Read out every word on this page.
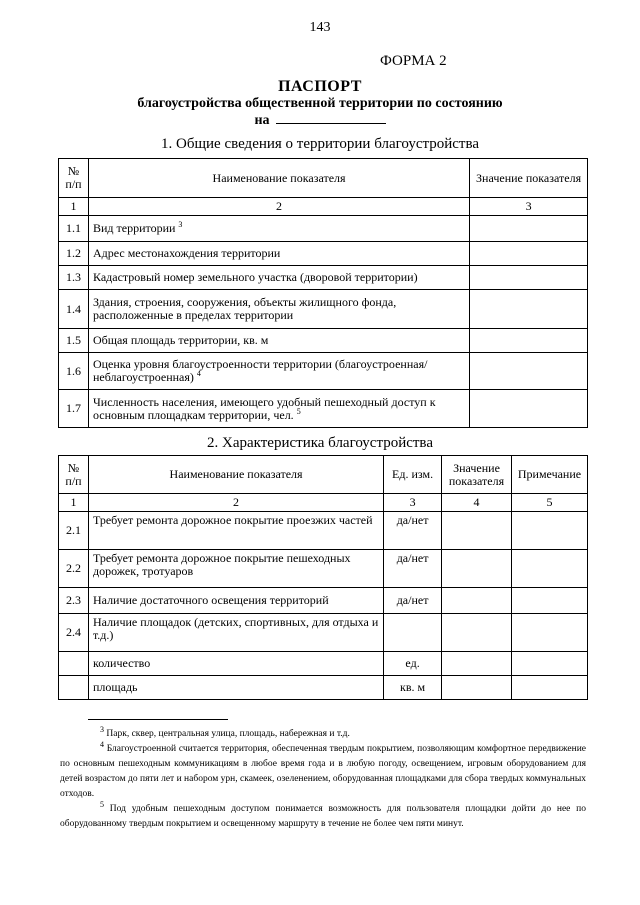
143
ФОРМА 2
ПАСПОРТ
благоустройства общественной территории по состоянию
на
1. Общие сведения о территории благоустройства
№ п/п	Наименование показателя	Значение показателя
1	2	3
1.1	Вид территории $^3$	
1.2	Адрес местонахождения территории	
1.3	Кадастровый номер земельного участка (дворовой территории)	
1.4	Здания, строения, сооружения, объекты жилищного фонда, расположенные в пределах территории	
1.5	Общая площадь территории, кв. м	
1.6	Оценка уровня благоустроенности территории (благоустроенная/неблагоустроенная) $^4$	
1.7	Численность населения, имеющего удобный пешеходный доступ к основным площадкам территории, чел. $^5$	
2. Характеристика благоустройства
№ п/п	Наименование показателя	Ед. изм.	Значение показателя	Примечание
1	2	3	4	5
2.1	Требует ремонта дорожное покрытие проезжих частей	да/нет		
2.2	Требует ремонта дорожное покрытие пешеходных дорожек, тротуаров	да/нет		
2.3	Наличие достаточного освещения территорий	да/нет		
2.4	Наличие площадок (детских, спортивных, для отдыха и т.д.)			
	количество	ед.		
	площадь	кв. м		

$^3$ Парк, сквер, центральная улица, площадь, набережная и т.д.

$^4$ Благоустроенной считается территория, обеспеченная твердым покрытием, позволяющим комфортное передвижение по основным пешеходным коммуникациям в любое время года и в любую погоду, освещением, игровым оборудованием для детей возрастом до пяти лет и набором урн, скамеек, озеленением, оборудованная площадками для сбора твердых коммунальных отходов.

$^5$ Под удобным пешеходным доступом понимается возможность для пользователя площадки дойти до нее по оборудованному твердым покрытием и освещенному маршруту в течение не более чем пяти минут.
